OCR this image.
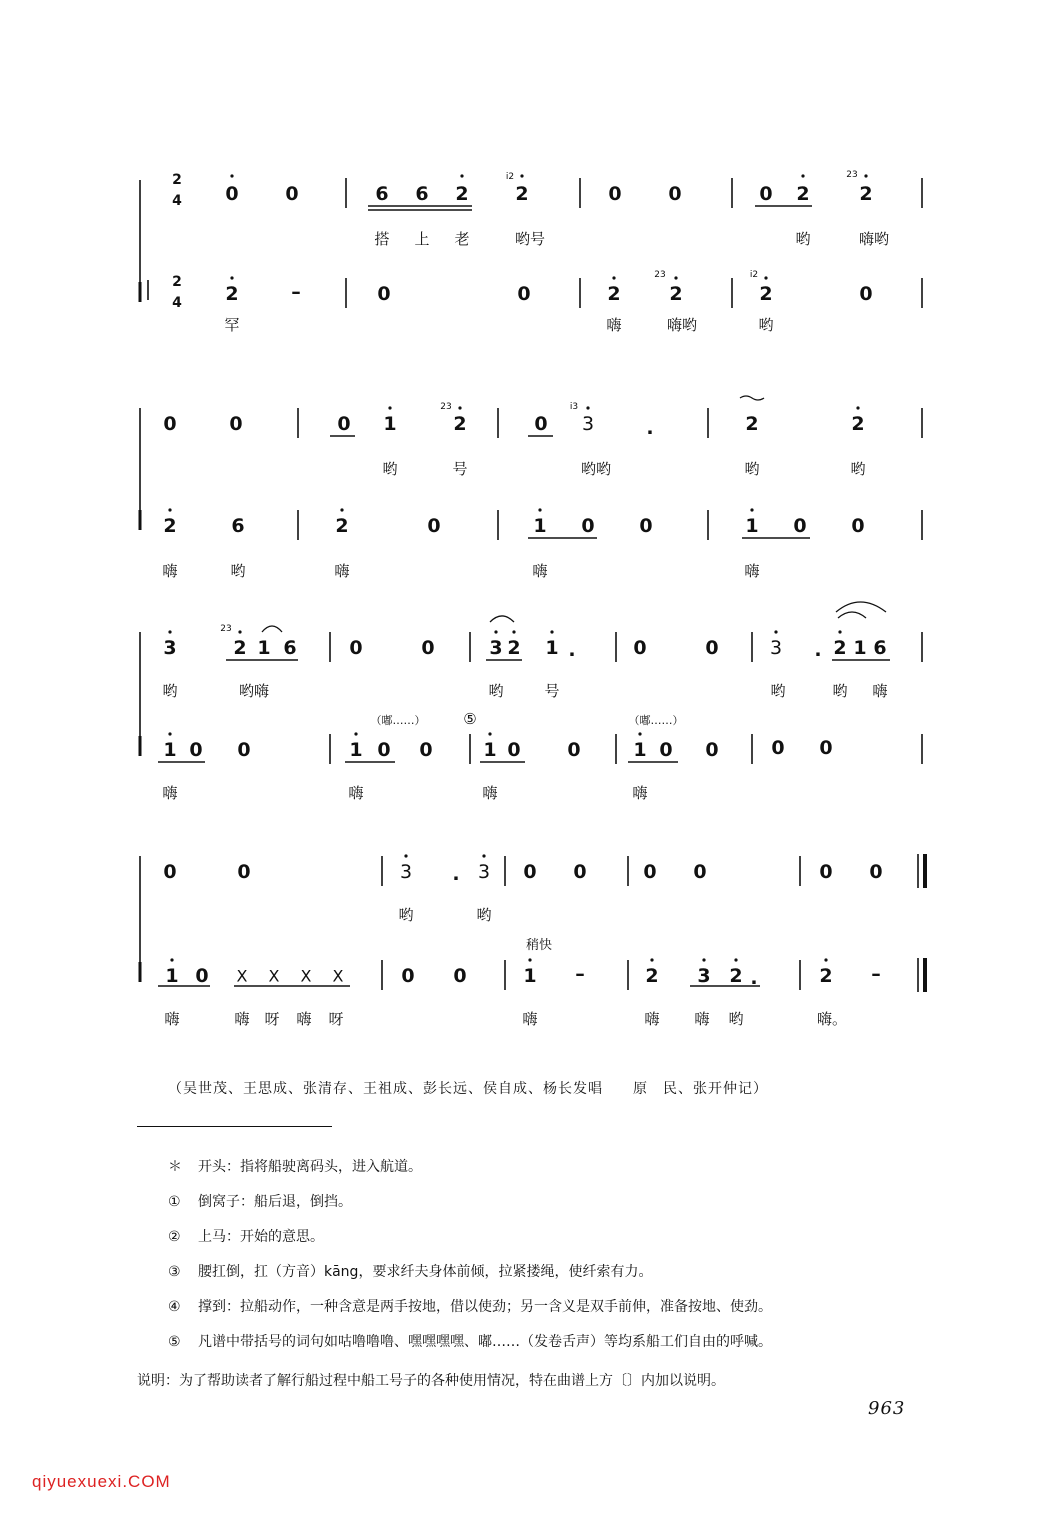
2
4 0 0	6 6 2 2	0 0	0 2	2
2
4 2	–	0	0	2	2	2	0
0	0	0 1	2	0 3	.	2	2
2	6	2	0	1 0 0	1 0 0
3	2 1 6	0	0	3 2 1 .	0	0	3 . 2 1 6
1 0 0	1 0 0	1 0 0	1 0 0	0 0
0	0	3 . 3 0 0	0 0	0 0
1 0 X X X X	0 0	1 –	2 3 2 .	2 –
i2	23
23	i2
23	i3
23
搭 上 老	哟号	哟	嗨哟
罕	嗨	嗨哟	哟
哟	号	哟哟	哟	哟
嗨	哟	嗨	嗨	嗨
哟	哟嗨	哟	号	哟	哟 嗨
嗨	嗨	嗨	嗨
哟	哟
嗨	嗨 呀 嗨 呀	嗨	嗨 嗨 哟	嗨。
（嘟……）	⑤	（嘟……）
稍快
（吴世茂、王思成、张清存、王祖成、彭长远、侯自成、杨长发唱　　原　民、张开仲记）
＊ 开头：指将船驶离码头，进入航道。
① 倒窝子：船后退，倒挡。
② 上马：开始的意思。
③ 腰扛倒，扛（方音）kāng，要求纤夫身体前倾，拉紧搂绳，使纤索有力。
④ 撑到：拉船动作，一种含意是两手按地，借以使劲；另一含义是双手前伸，准备按地、使劲。
⑤ 凡谱中带括号的词句如咕噜噜噜、嘿嘿嘿嘿、嘟……（发卷舌声）等均系船工们自由的呼喊。
说明：为了帮助读者了解行船过程中船工号子的各种使用情况，特在曲谱上方〔〕内加以说明。
963
qiyuexuexi.COM
